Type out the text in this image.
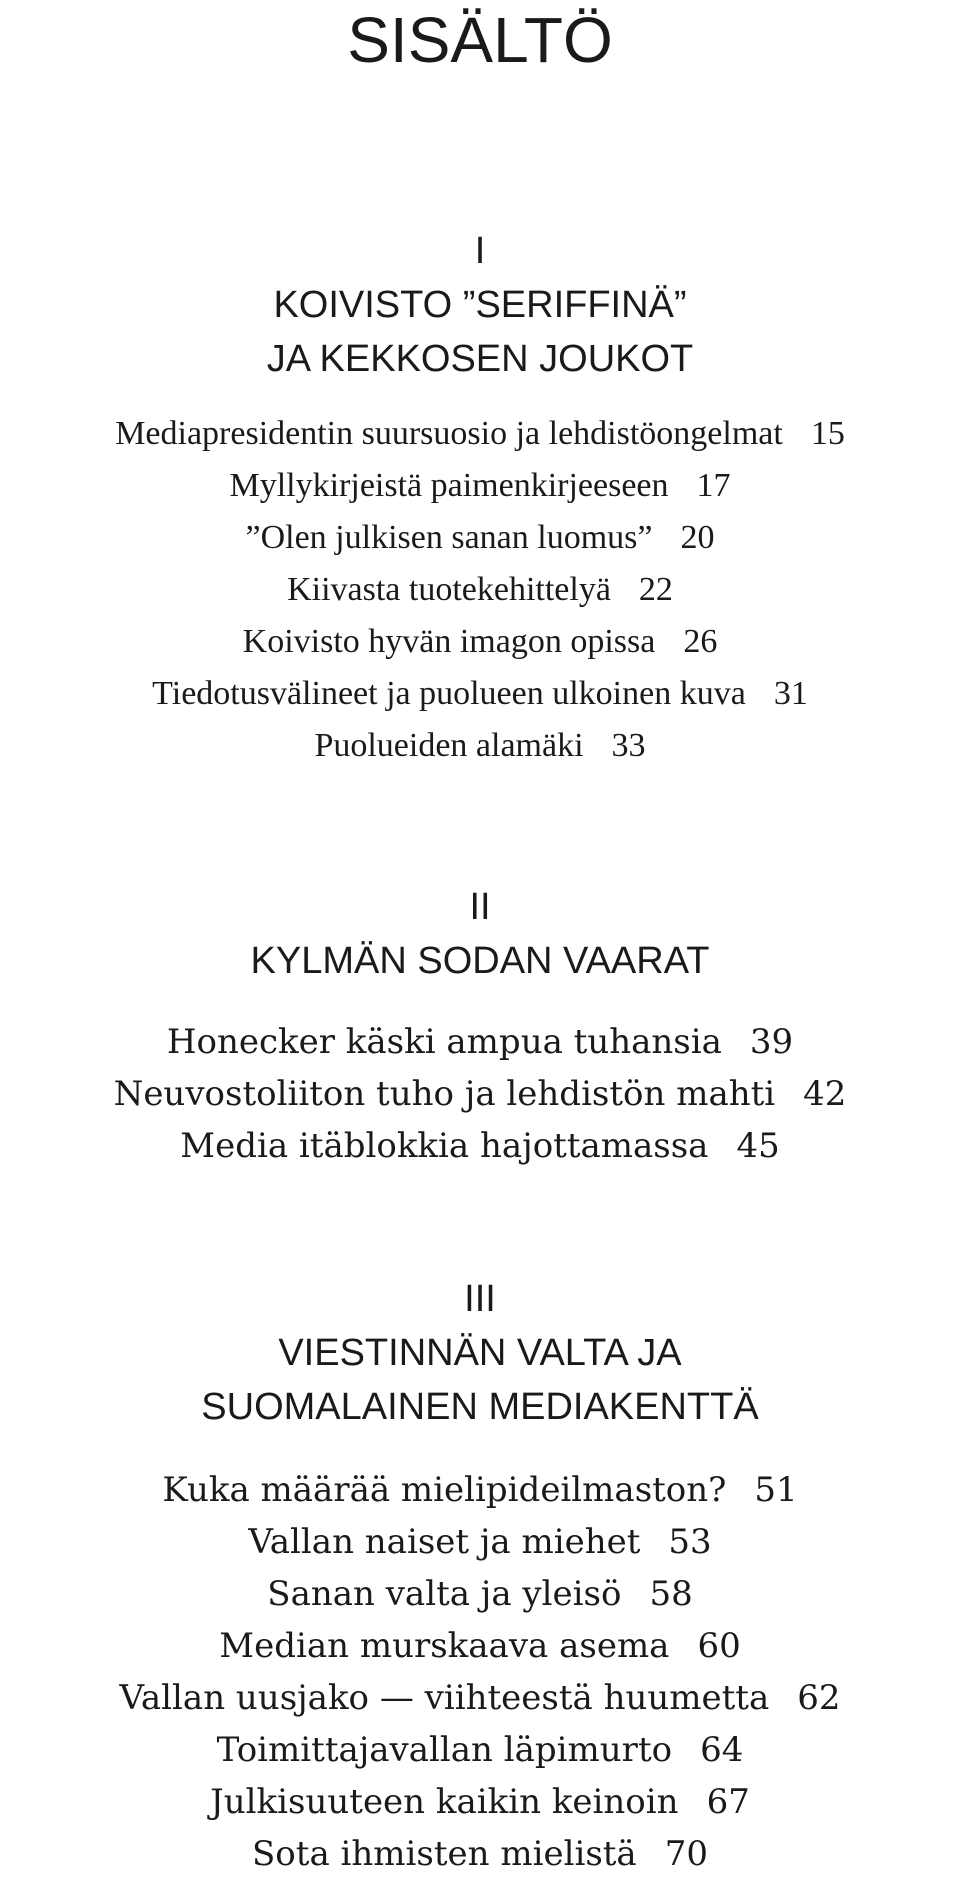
SISÄLTÖ
I
KOIVISTO ”SERIFFINÄ”
JA KEKKOSEN JOUKOT
Mediapresidentin suursuosio ja lehdistöongelmat 15
Myllykirjeistä paimenkirjeeseen 17
”Olen julkisen sanan luomus” 20
Kiivasta tuotekehittelyä 22
Koivisto hyvän imagon opissa 26
Tiedotusvälineet ja puolueen ulkoinen kuva 31
Puolueiden alamäki 33
II
KYLMÄN SODAN VAARAT
Honecker käski ampua tuhansia 39
Neuvostoliiton tuho ja lehdistön mahti 42
Media itäblokkia hajottamassa 45
III
VIESTINNÄN VALTA JA
SUOMALAINEN MEDIAKENTTÄ
Kuka määrää mielipideilmaston? 51
Vallan naiset ja miehet 53
Sanan valta ja yleisö 58
Median murskaava asema 60
Vallan uusjako — viihteestä huumetta 62
Toimittajavallan läpimurto 64
Julkisuuteen kaikin keinoin 67
Sota ihmisten mielistä 70
